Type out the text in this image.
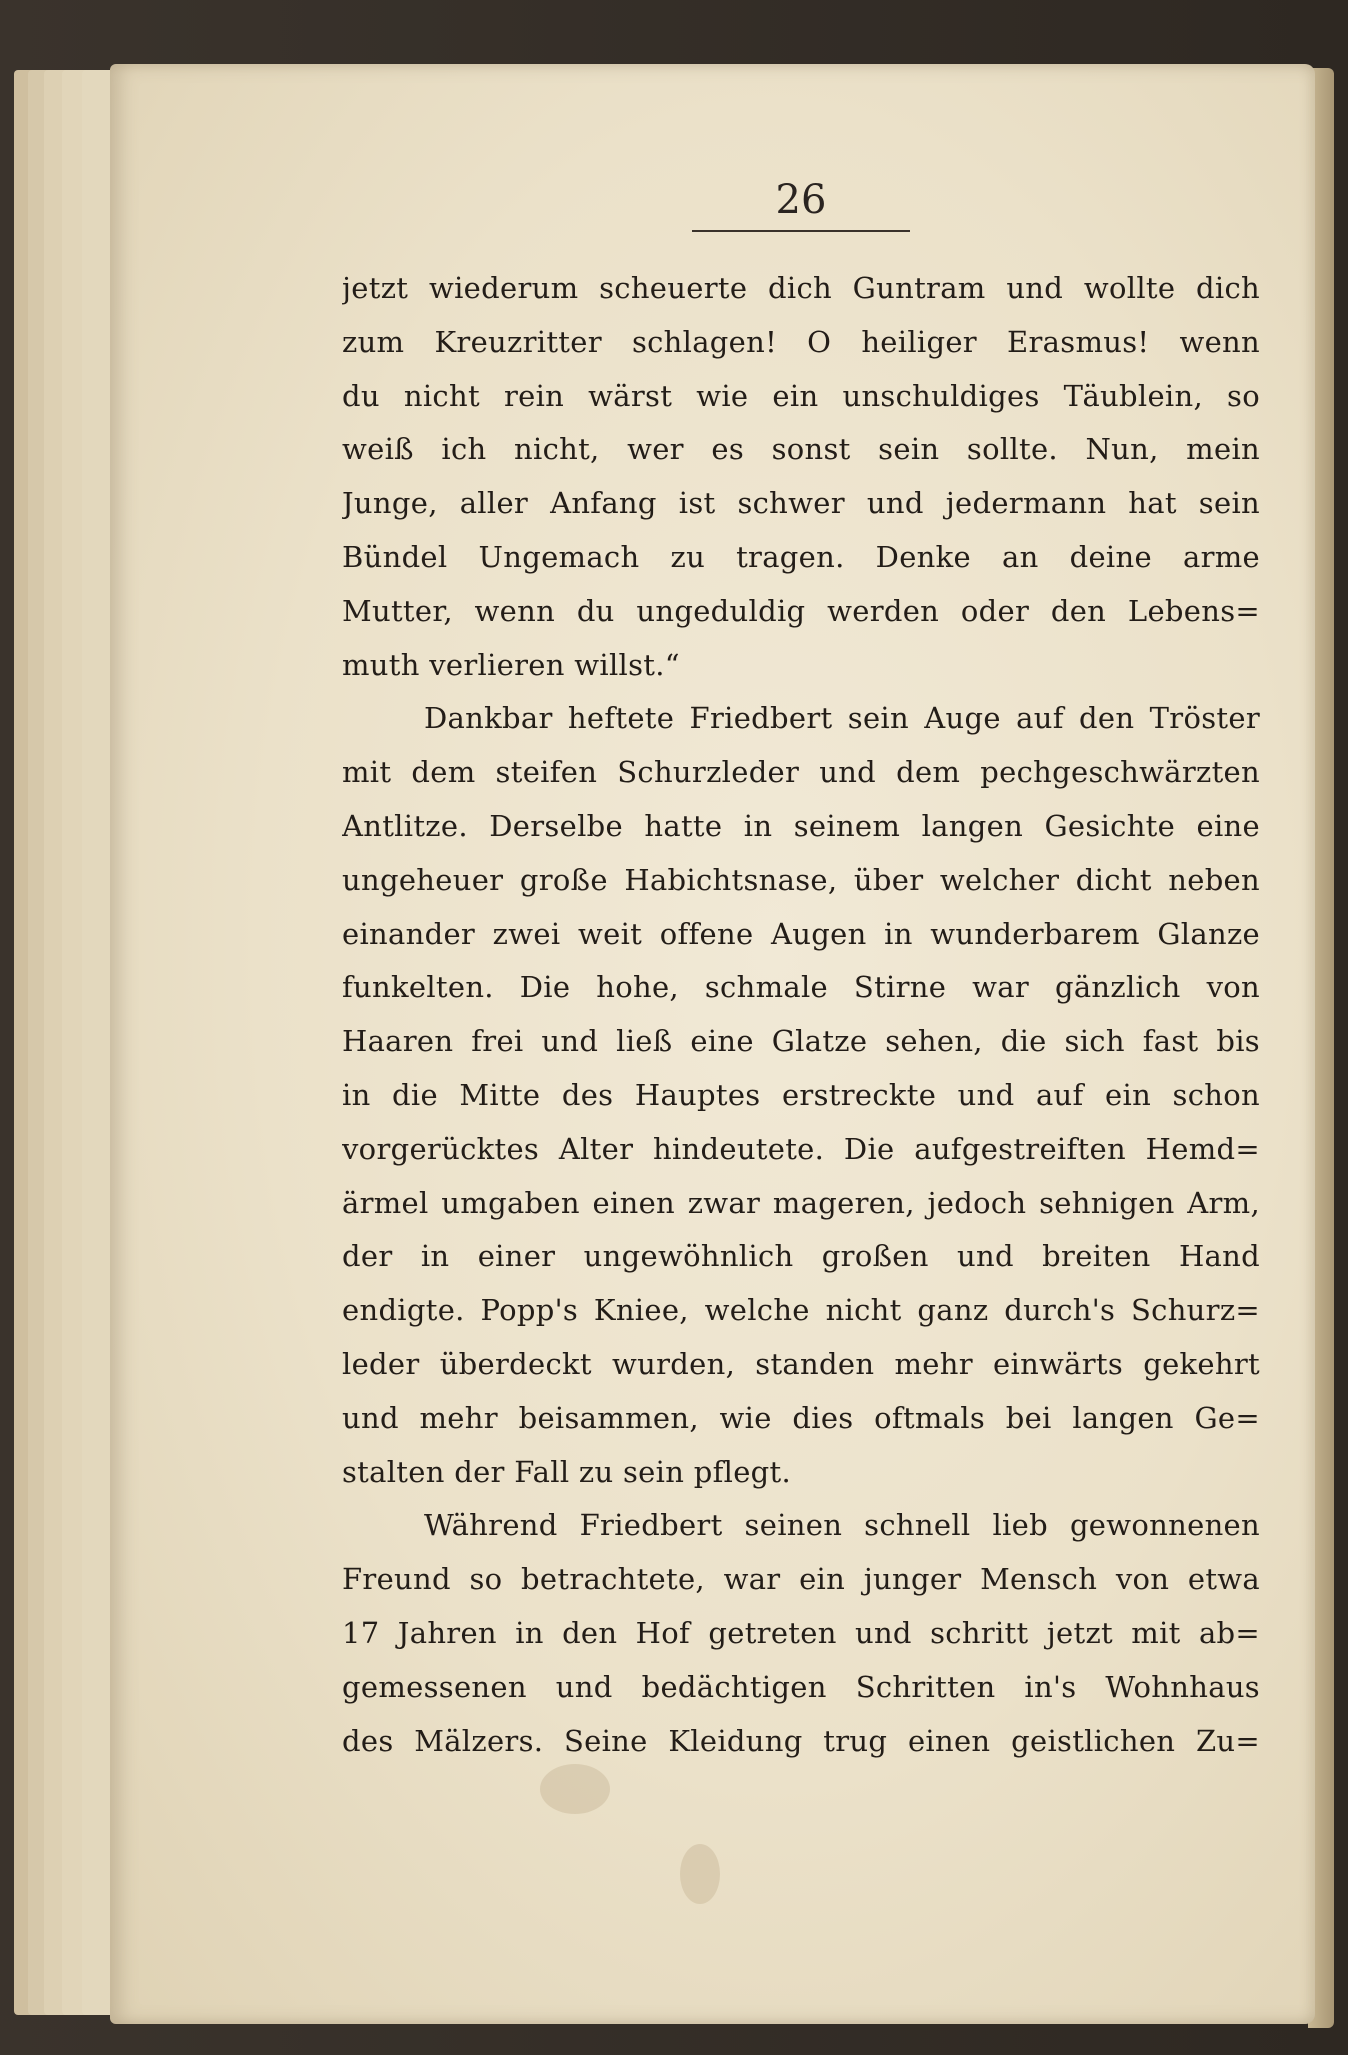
26
jetzt wiederum scheuerte dich Guntram und wollte dich
zum Kreuzritter schlagen! O heiliger Erasmus! wenn
du nicht rein wärst wie ein unschuldiges Täublein, so
weiß ich nicht, wer es sonst sein sollte. Nun, mein
Junge, aller Anfang ist schwer und jedermann hat sein
Bündel Ungemach zu tragen. Denke an deine arme
Mutter, wenn du ungeduldig werden oder den Lebens=
muth verlieren willst.“
Dankbar heftete Friedbert sein Auge auf den Tröster
mit dem steifen Schurzleder und dem pechgeschwärzten
Antlitze. Derselbe hatte in seinem langen Gesichte eine
ungeheuer große Habichtsnase, über welcher dicht neben
einander zwei weit offene Augen in wunderbarem Glanze
funkelten. Die hohe, schmale Stirne war gänzlich von
Haaren frei und ließ eine Glatze sehen, die sich fast bis
in die Mitte des Hauptes erstreckte und auf ein schon
vorgerücktes Alter hindeutete. Die aufgestreiften Hemd=
ärmel umgaben einen zwar mageren, jedoch sehnigen Arm,
der in einer ungewöhnlich großen und breiten Hand
endigte. Popp's Kniee, welche nicht ganz durch's Schurz=
leder überdeckt wurden, standen mehr einwärts gekehrt
und mehr beisammen, wie dies oftmals bei langen Ge=
stalten der Fall zu sein pflegt.
Während Friedbert seinen schnell lieb gewonnenen
Freund so betrachtete, war ein junger Mensch von etwa
17 Jahren in den Hof getreten und schritt jetzt mit ab=
gemessenen und bedächtigen Schritten in's Wohnhaus
des Mälzers. Seine Kleidung trug einen geistlichen Zu=
